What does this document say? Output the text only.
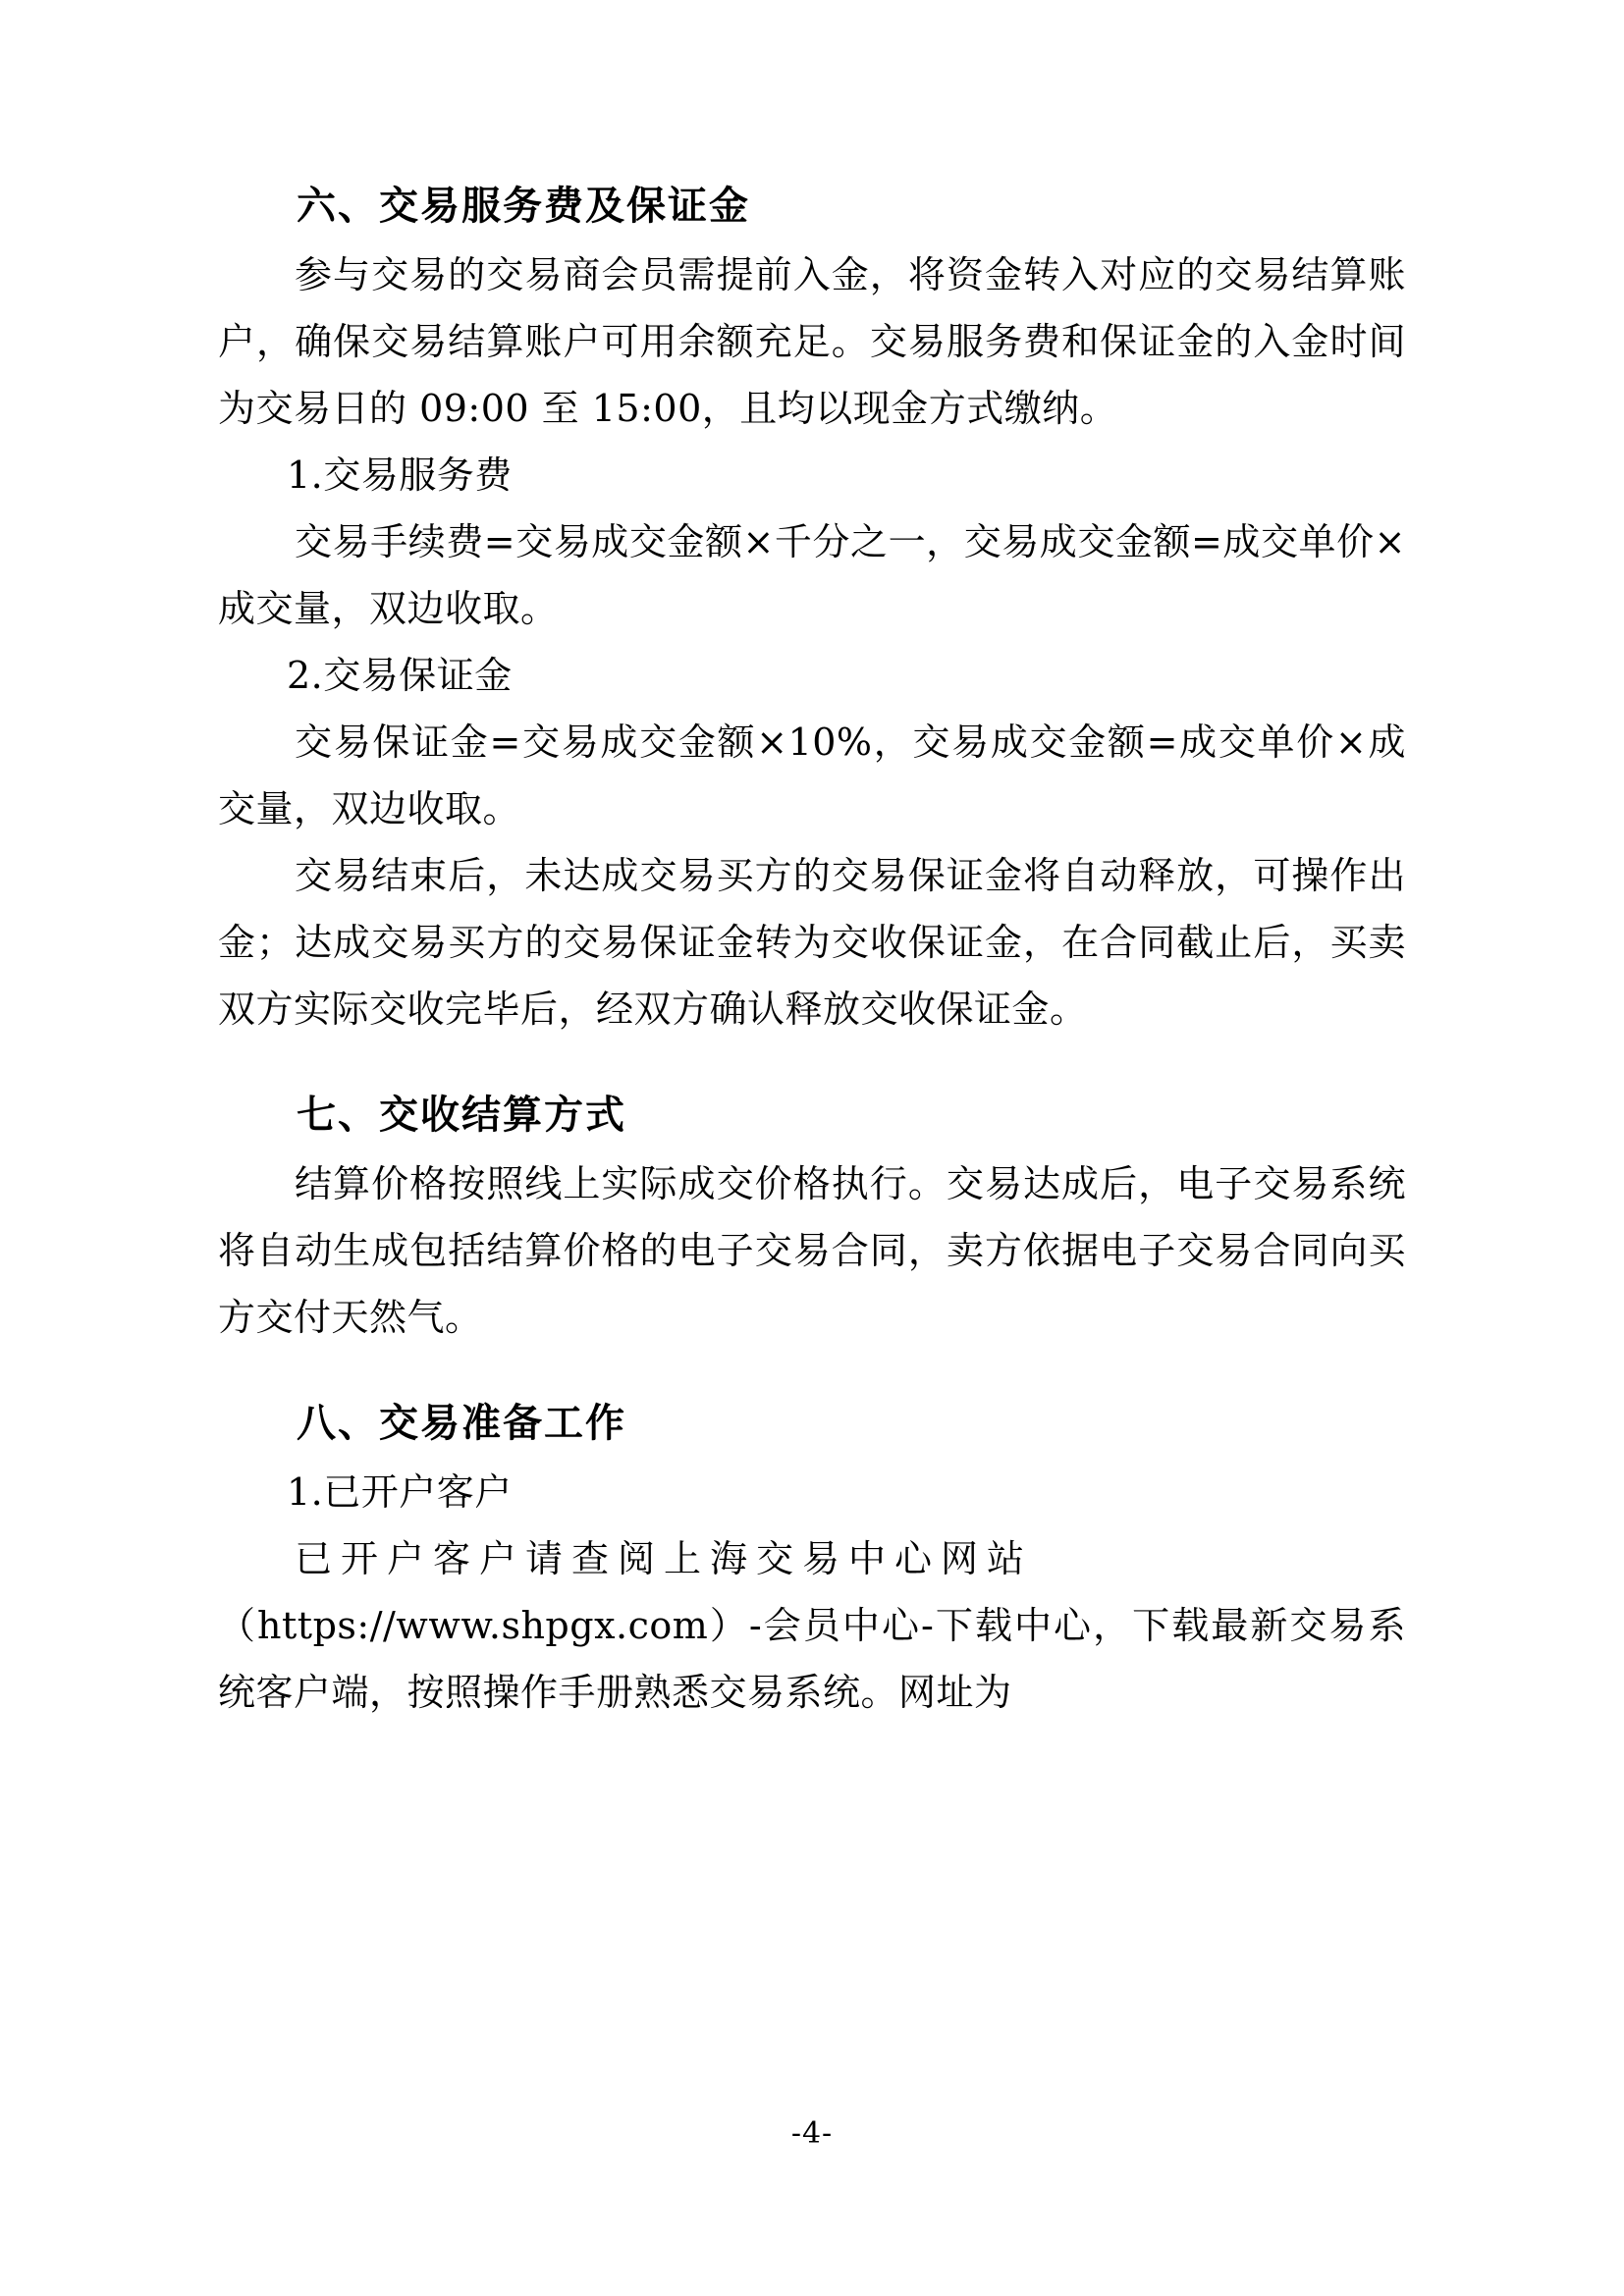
六、交易服务费及保证金

参与交易的交易商会员需提前入金，将资金转入对应的交易结算账户，确保交易结算账户可用余额充足。交易服务费和保证金的入金时间为交易日的 09:00 至 15:00，且均以现金方式缴纳。

1.交易服务费

交易手续费=交易成交金额×千分之一，交易成交金额=成交单价×成交量，双边收取。

2.交易保证金

交易保证金=交易成交金额×10%，交易成交金额=成交单价×成交量，双边收取。

交易结束后，未达成交易买方的交易保证金将自动释放，可操作出金；达成交易买方的交易保证金转为交收保证金，在合同截止后，买卖双方实际交收完毕后，经双方确认释放交收保证金。

七、交收结算方式

结算价格按照线上实际成交价格执行。交易达成后，电子交易系统将自动生成包括结算价格的电子交易合同，卖方依据电子交易合同向买方交付天然气。

八、交易准备工作

1.已开户客户

已开户客户请查阅上海交易中心网站

（https://www.shpgx.com）-会员中心-下载中心，下载最新交易系统客户端，按照操作手册熟悉交易系统。网址为

-4-
